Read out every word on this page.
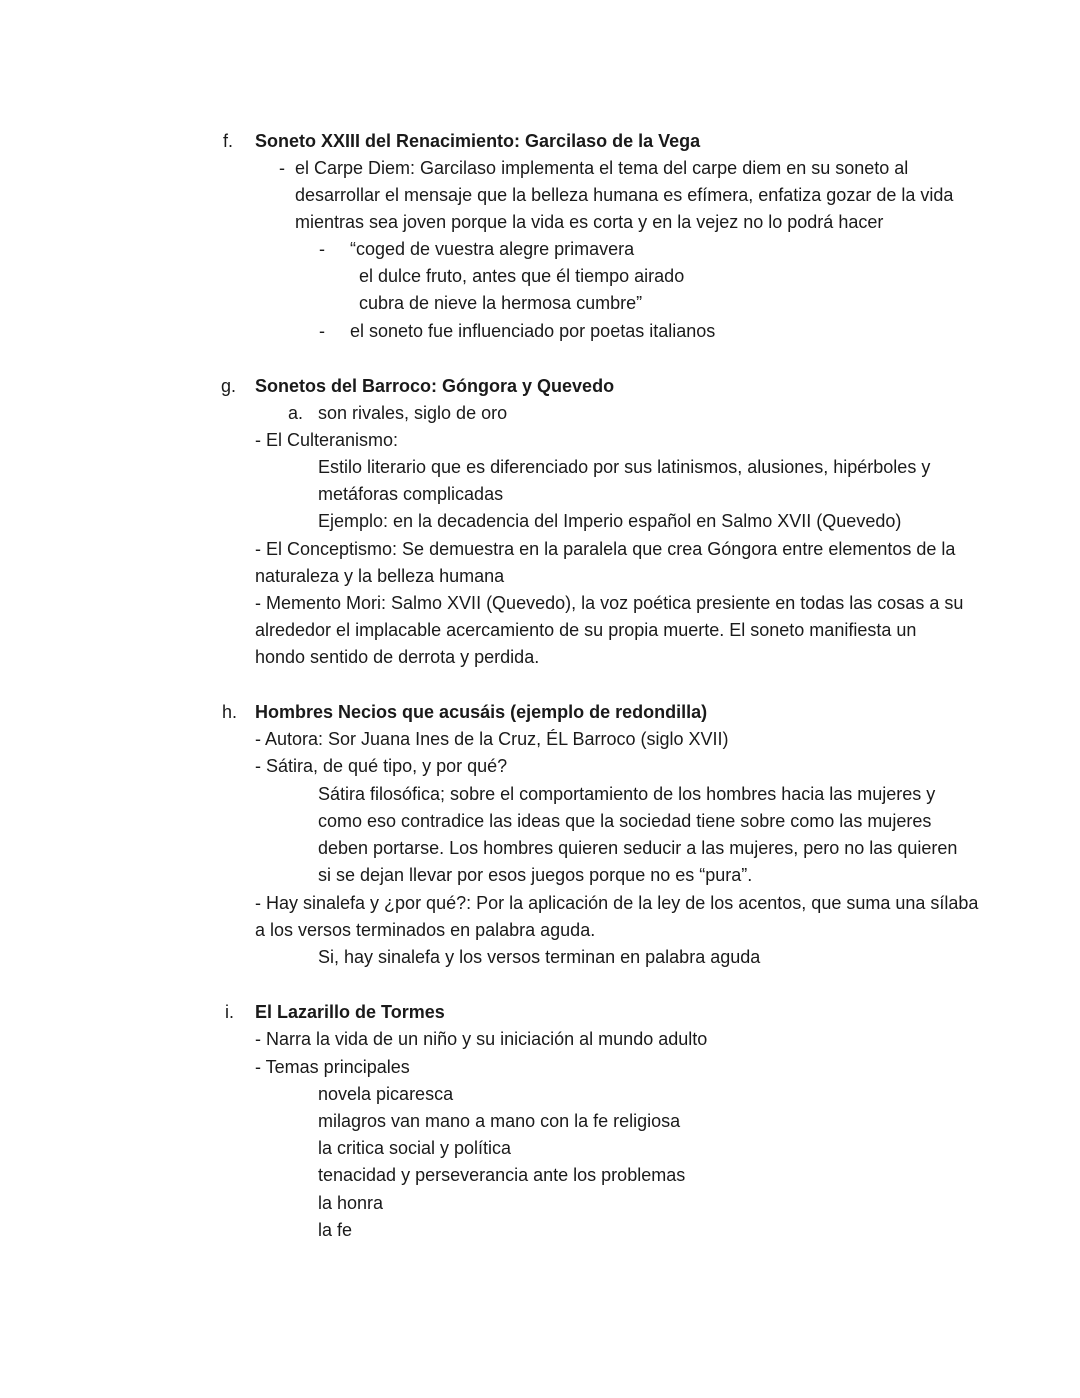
f. Soneto XXIII del Renacimiento: Garcilaso de la Vega
- el Carpe Diem: Garcilaso implementa el tema del carpe diem en su soneto al
desarrollar el mensaje que la belleza humana es efímera, enfatiza gozar de la vida
mientras sea joven porque la vida es corta y en la vejez no lo podrá hacer
- “coged de vuestra alegre primavera
el dulce fruto, antes que él tiempo airado
cubra de nieve la hermosa cumbre”
- el soneto fue influenciado por poetas italianos
g. Sonetos del Barroco: Góngora y Quevedo
a. son rivales, siglo de oro
- El Culteranismo:
Estilo literario que es diferenciado por sus latinismos, alusiones, hipérboles y
metáforas complicadas
Ejemplo: en la decadencia del Imperio español en Salmo XVII (Quevedo)
- El Conceptismo: Se demuestra en la paralela que crea Góngora entre elementos de la
naturaleza y la belleza humana
- Memento Mori: Salmo XVII (Quevedo), la voz poética presiente en todas las cosas a su
alrededor el implacable acercamiento de su propia muerte. El soneto manifiesta un
hondo sentido de derrota y perdida.
h. Hombres Necios que acusáis (ejemplo de redondilla)
- Autora: Sor Juana Ines de la Cruz, ÉL Barroco (siglo XVII)
- Sátira, de qué tipo, y por qué?
Sátira filosófica; sobre el comportamiento de los hombres hacia las mujeres y
como eso contradice las ideas que la sociedad tiene sobre como las mujeres
deben portarse. Los hombres quieren seducir a las mujeres, pero no las quieren
si se dejan llevar por esos juegos porque no es “pura”.
- Hay sinalefa y ¿por qué?: Por la aplicación de la ley de los acentos, que suma una sílaba
a los versos terminados en palabra aguda.
Si, hay sinalefa y los versos terminan en palabra aguda
i. El Lazarillo de Tormes
- Narra la vida de un niño y su iniciación al mundo adulto
- Temas principales
novela picaresca
milagros van mano a mano con la fe religiosa
la critica social y política
tenacidad y perseverancia ante los problemas
la honra
la fe
